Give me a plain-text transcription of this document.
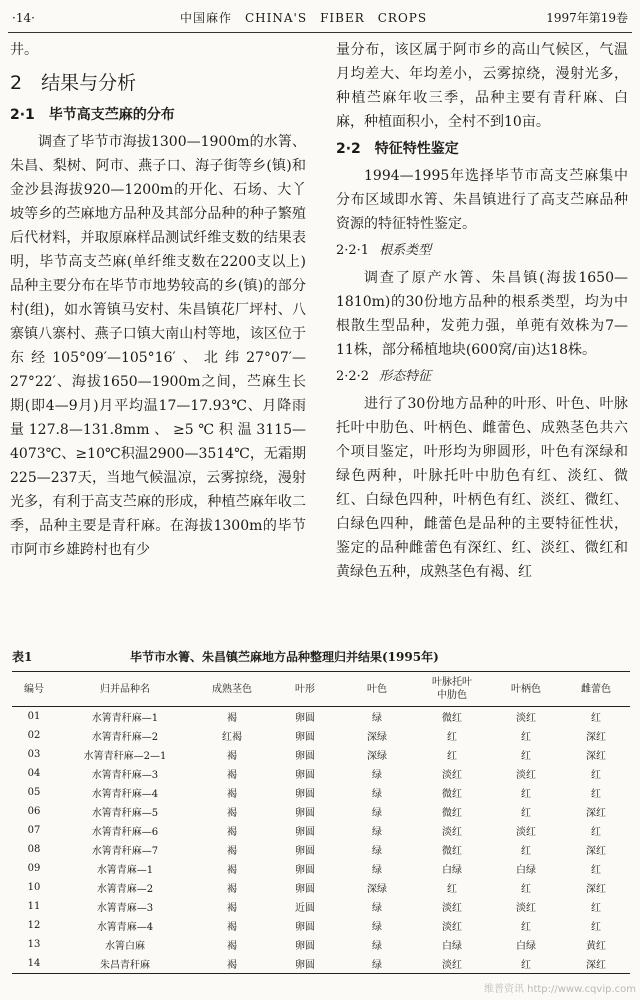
·14·	中国麻作　CHINA'S　FIBER　CROPS	1997年第19卷

井。

2　结果与分析
2·1　毕节高支苎麻的分布

调查了毕节市海拔1300—1900m的水箐、朱昌、梨树、阿市、燕子口、海子街等乡(镇)和金沙县海拔920—1200m的开化、石场、大丫坡等乡的苎麻地方品种及其部分品种的种子繁殖后代材料，并取原麻样品测试纤维支数的结果表明，毕节高支苎麻(单纤维支数在2200支以上)品种主要分布在毕节市地势较高的乡(镇)的部分村(组)，如水箐镇马安村、朱昌镇花厂坪村、八寨镇八寨村、燕子口镇大南山村等地，该区位于东经105°09′—105°16′、北纬27°07′—27°22′、海拔1650—1900m之间，苎麻生长期(即4—9月)月平均温17—17.93℃、月降雨量127.8—131.8mm、≥5℃积温3115—4073℃、≥10℃积温2900—3514℃，无霜期225—237天，当地气候温凉，云雾掠绕，漫射光多，有利于高支苎麻的形成，种植苎麻年收二季，品种主要是青秆麻。在海拔1300m的毕节市阿市乡雄跨村也有少

量分布，该区属于阿市乡的高山气候区，气温月均差大、年均差小，云雾掠绕，漫射光多，种植苎麻年收三季，品种主要有青秆麻、白麻，种植面积小，全村不到10亩。

2·2　特征特性鉴定

1994—1995年选择毕节市高支苎麻集中分布区域即水箐、朱昌镇进行了高支苎麻品种资源的特征特性鉴定。

2·2·1 根系类型

调查了原产水箐、朱昌镇(海拔1650—1810m)的30份地方品种的根系类型，均为中根散生型品种，发蔸力强，单蔸有效株为7—11株，部分稀植地块(600窝/亩)达18株。

2·2·2 形态特征

进行了30份地方品种的叶形、叶色、叶脉托叶中肋色、叶柄色、雌蕾色、成熟茎色共六个项目鉴定，叶形均为卵圆形，叶色有深绿和绿色两种，叶脉托叶中肋色有红、淡红、微红、白绿色四种，叶柄色有红、淡红、微红、白绿色四种，雌蕾色是品种的主要特征性状，鉴定的品种雌蕾色有深红、红、淡红、微红和黄绿色五种，成熟茎色有褐、红

表1	毕节市水箐、朱昌镇苎麻地方品种整理归并结果(1995年)
编号	归并品种名	成熟茎色	叶形	叶色	叶脉托叶
中肋色	叶柄色	雌蕾色
01	水箐青秆麻—1	褐	卵圆	绿	微红	淡红	红
02	水箐青秆麻—2	红褐	卵圆	深绿	红	红	深红
03	水箐青秆麻—2—1	褐	卵圆	深绿	红	红	深红
04	水箐青秆麻—3	褐	卵圆	绿	淡红	淡红	红
05	水箐青秆麻—4	褐	卵圆	绿	微红	红	红
06	水箐青秆麻—5	褐	卵圆	绿	微红	红	深红
07	水箐青秆麻—6	褐	卵圆	绿	淡红	淡红	红
08	水箐青秆麻—7	褐	卵圆	绿	微红	红	深红
09	水箐青麻—1	褐	卵圆	绿	白绿	白绿	红
10	水箐青麻—2	褐	卵圆	深绿	红	红	深红
11	水箐青麻—3	褐	近圆	绿	淡红	淡红	红
12	水箐青麻—4	褐	卵圆	绿	淡红	红	红
13	水箐白麻	褐	卵圆	绿	白绿	白绿	黄红
14	朱昌青秆麻	褐	卵圆	绿	淡红	红	深红
维普资讯 http://www.cqvip.com
